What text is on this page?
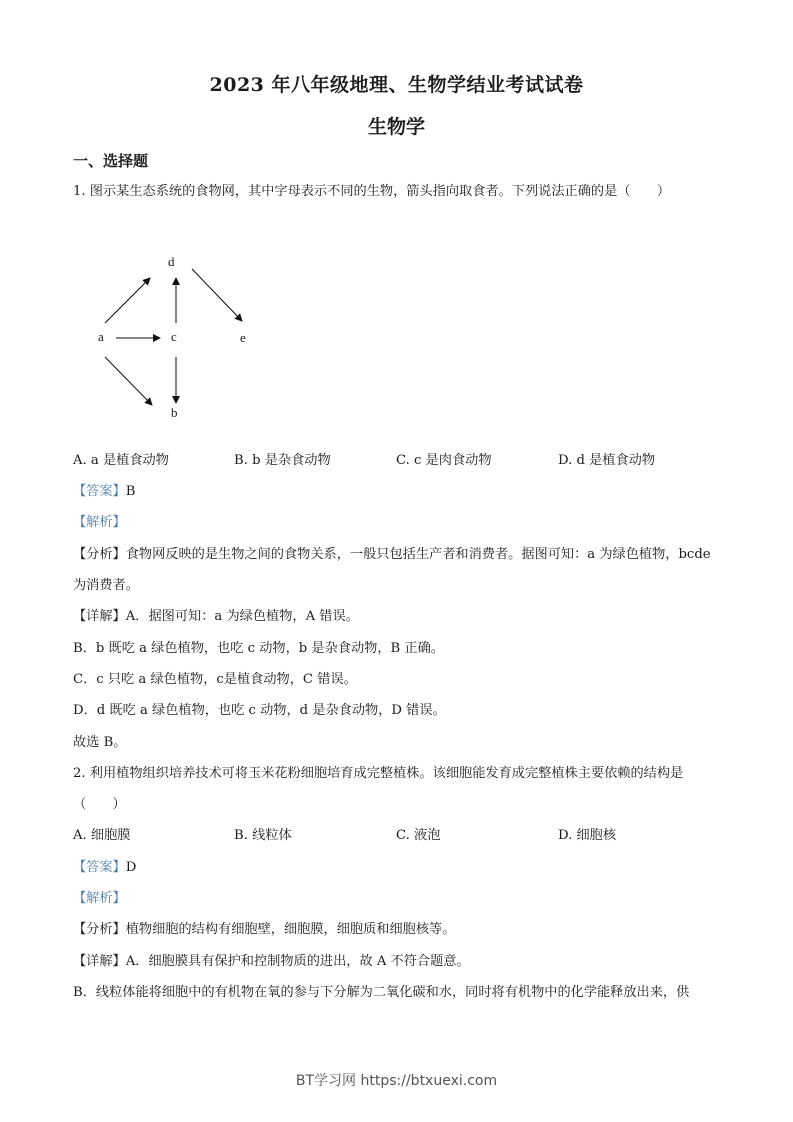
2023 年八年级地理、生物学结业考试试卷
生物学
一、选择题
1. 图示某生态系统的食物网，其中字母表示不同的生物，箭头指向取食者。下列说法正确的是（　　）
d
a	c	e
b
A. a 是植食动物	B. b 是杂食动物	C. c 是肉食动物	D. d 是植食动物
【答案】B
【解析】
【分析】食物网反映的是生物之间的食物关系，一般只包括生产者和消费者。据图可知：a 为绿色植物，bcde
为消费者。
【详解】A．据图可知：a 为绿色植物，A 错误。
B．b 既吃 a 绿色植物，也吃 c 动物，b 是杂食动物，B 正确。
C．c 只吃 a 绿色植物，c是植食动物，C 错误。
D．d 既吃 a 绿色植物，也吃 c 动物，d 是杂食动物，D 错误。
故选 B。
2. 利用植物组织培养技术可将玉米花粉细胞培育成完整植株。该细胞能发育成完整植株主要依赖的结构是
（　　）
A. 细胞膜	B. 线粒体	C. 液泡	D. 细胞核
【答案】D
【解析】
【分析】植物细胞的结构有细胞壁，细胞膜，细胞质和细胞核等。
【详解】A．细胞膜具有保护和控制物质的进出，故 A 不符合题意。
B．线粒体能将细胞中的有机物在氧的参与下分解为二氧化碳和水，同时将有机物中的化学能释放出来，供
BT学习网 https://btxuexi.com
